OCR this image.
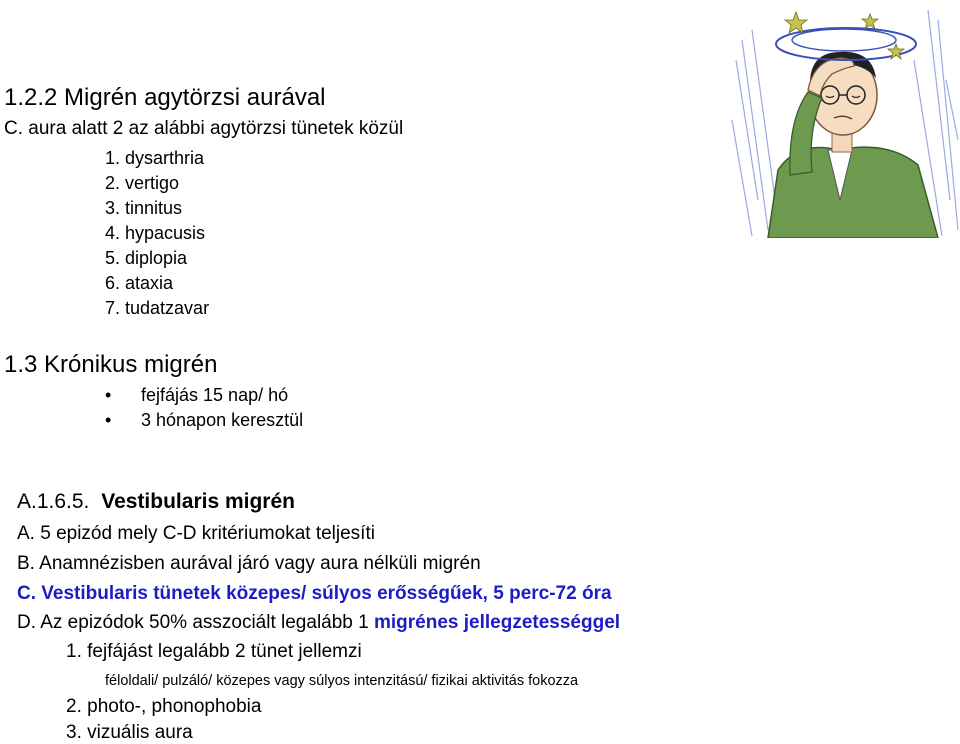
1.2.2 Migrén agytörzsi aurával
C. aura alatt 2 az alábbi agytörzsi tünetek közül
1. dysarthria
2. vertigo
3. tinnitus
4. hypacusis
5. diplopia
6. ataxia
7. tudatzavar
1.3 Krónikus migrén
• fejfájás 15 nap/ hó
• 3 hónapon keresztül
A.1.6.5. Vestibularis migrén
A. 5 epizód mely C-D kritériumokat teljesíti
B. Anamnézisben aurával járó vagy aura nélküli migrén
C. Vestibularis tünetek közepes/ súlyos erősségűek, 5 perc-72 óra
D. Az epizódok 50% asszociált legalább 1 migrénes jellegzetességgel
1. fejfájást legalább 2 tünet jellemzi
féloldali/ pulzáló/ közepes vagy súlyos intenzitású/ fizikai aktivitás fokozza
2. photo-, phonophobia
3. vizuális aura
